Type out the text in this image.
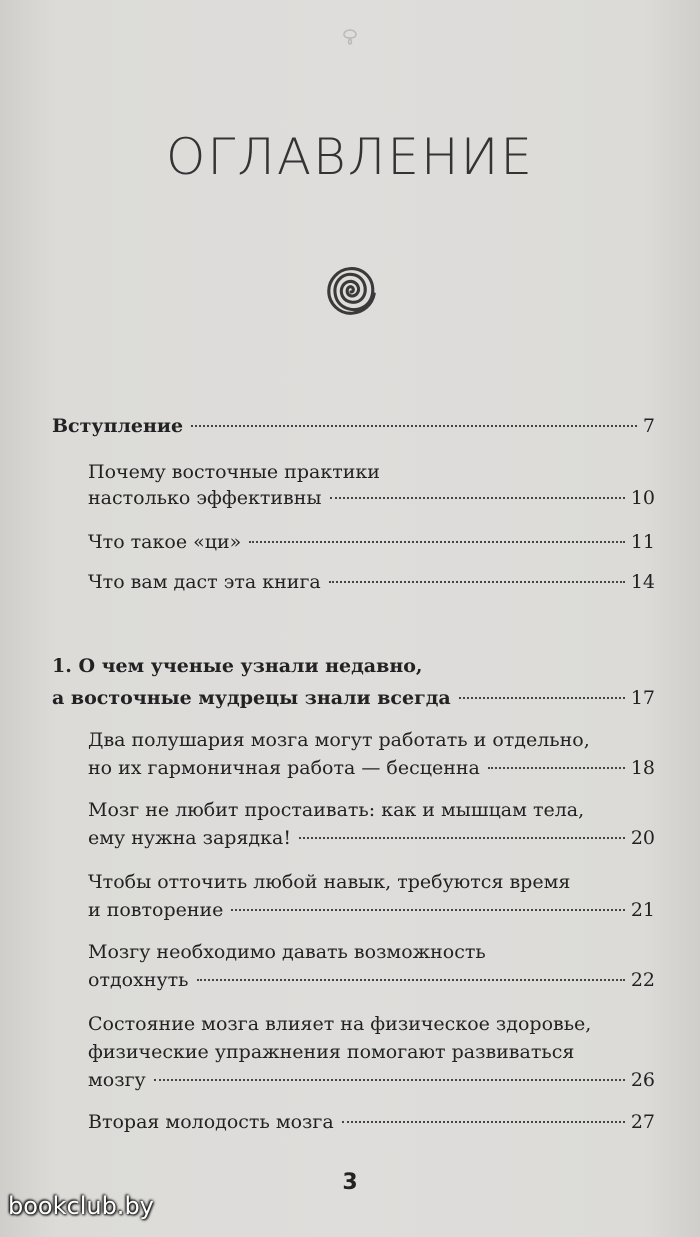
ОГЛАВЛЕНИЕ
Вступление	7
Почему восточные практики
настолько эффективны	10
Что такое «ци»	11
Что вам даст эта книга	14
1. О чем ученые узнали недавно,
а восточные мудрецы знали всегда	17
Два полушария мозга могут работать и отдельно,
но их гармоничная работа — бесценна	18
Мозг не любит простаивать: как и мышцам тела,
ему нужна зарядка!	20
Чтобы отточить любой навык, требуются время
и повторение	21
Мозгу необходимо давать возможность
отдохнуть	22
Состояние мозга влияет на физическое здоровье,
физические упражнения помогают развиваться
мозгу	26
Вторая молодость мозга	27
3
bookclub.by
